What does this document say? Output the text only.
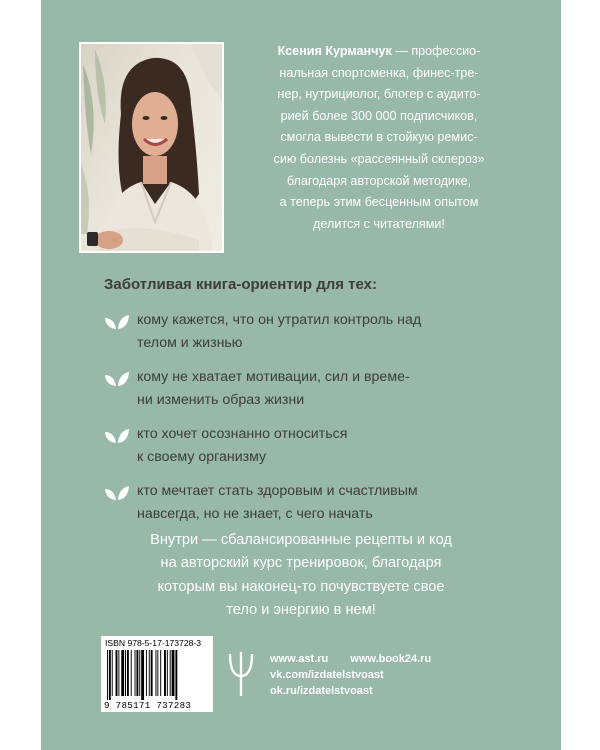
Ксения Курманчук — професcио-
нальная спортсменка, финес-тре-
нер, нутрициолог, блогер с аудито-
рией более 300 000 подписчиков,
смогла вывести в стойкую ремис-
сию болезнь «рассеянный склероз»
благодаря авторской методике,
а теперь этим бесценным опытом
делится с читателями!
Заботливая книга-ориентир для тех:
кому кажется, что он утратил контроль над
телом и жизнью
кому не хватает мотивации, сил и време-
ни изменить образ жизни
кто хочет осознанно относиться
к своему организму
кто мечтает стать здоровым и счастливым
навсегда, но не знает, с чего начать
Внутри — сбалансированные рецепты и код
на авторский курс тренировок, благодаря
которым вы наконец-то почувствуете свое
тело и энергию в нем!
ISBN 978-5-17-173728-3
9 785171 737283
www.ast.ru www.book24.ru
vk.com/izdatelstvoast
ok.ru/izdatelstvoast
